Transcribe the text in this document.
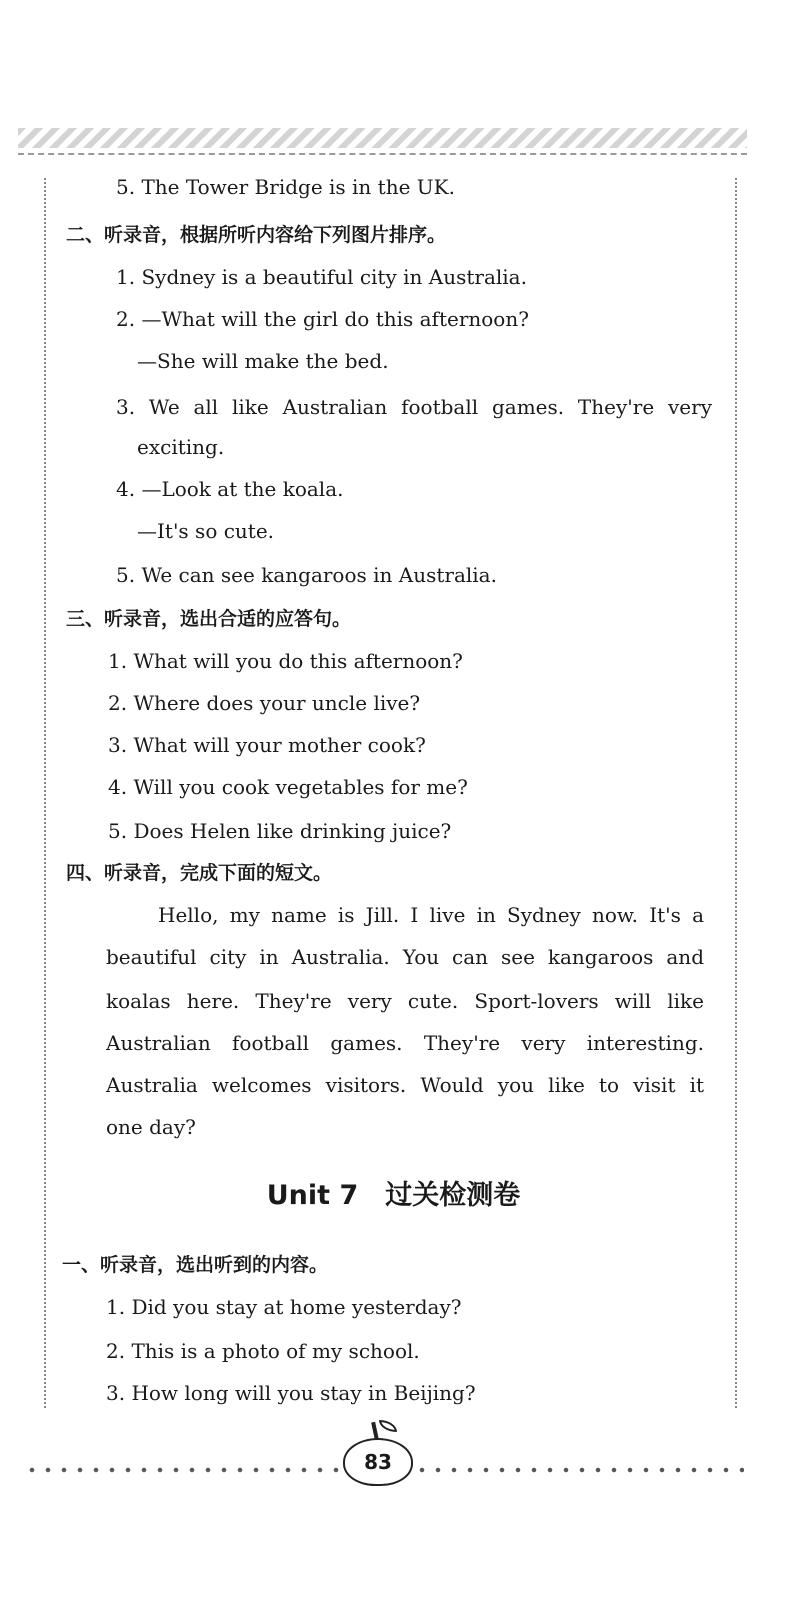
5. The Tower Bridge is in the UK.
二、听录音，根据所听内容给下列图片排序。
1. Sydney is a beautiful city in Australia.
2. —What will the girl do this afternoon?
—She will make the bed.
3. We all like Australian football games. They're very
exciting.
4. —Look at the koala.
—It's so cute.
5. We can see kangaroos in Australia.
三、听录音，选出合适的应答句。
1. What will you do this afternoon?
2. Where does your uncle live?
3. What will your mother cook?
4. Will you cook vegetables for me?
5. Does Helen like drinking juice?
四、听录音，完成下面的短文。
Hello, my name is Jill. I live in Sydney now. It's a
beautiful city in Australia. You can see kangaroos and
koalas here. They're very cute. Sport-lovers will like
Australian football games. They're very interesting.
Australia welcomes visitors. Would you like to visit it
one day?
Unit 7　过关检测卷
一、听录音，选出听到的内容。
1. Did you stay at home yesterday?
2. This is a photo of my school.
3. How long will you stay in Beijing?
83
